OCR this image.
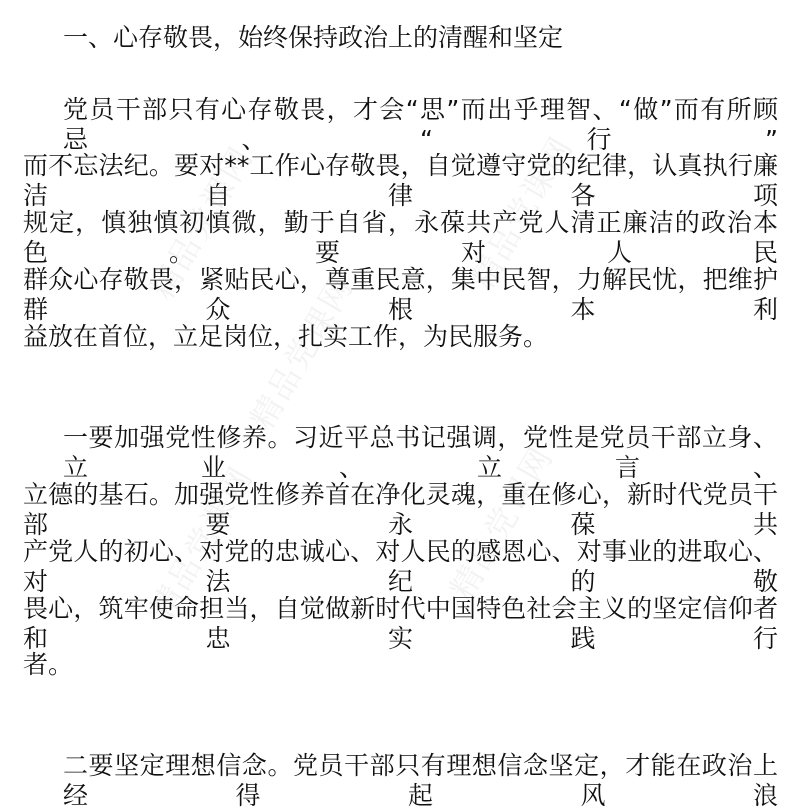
精品党课网	精品党课网
精品党课网
精品党课网	精品党课网
一、心存敬畏，始终保持政治上的清醒和坚定
党员干部只有心存敬畏，才会“思”而出乎理智、“做”而有所顾忌、“行”
而不忘法纪。要对**工作心存敬畏，自觉遵守党的纪律，认真执行廉洁自律各项
规定，慎独慎初慎微，勤于自省，永葆共产党人清正廉洁的政治本色。要对人民
群众心存敬畏，紧贴民心，尊重民意，集中民智，力解民忧，把维护群众根本利
益放在首位，立足岗位，扎实工作，为民服务。
一要加强党性修养。习近平总书记强调，党性是党员干部立身、立业、立言、
立德的基石。加强党性修养首在净化灵魂，重在修心，新时代党员干部要永葆共
产党人的初心、对党的忠诚心、对人民的感恩心、对事业的进取心、对法纪的敬
畏心，筑牢使命担当，自觉做新时代中国特色社会主义的坚定信仰者和忠实践行
者。
二要坚定理想信念。党员干部只有理想信念坚定，才能在政治上经得起风浪
